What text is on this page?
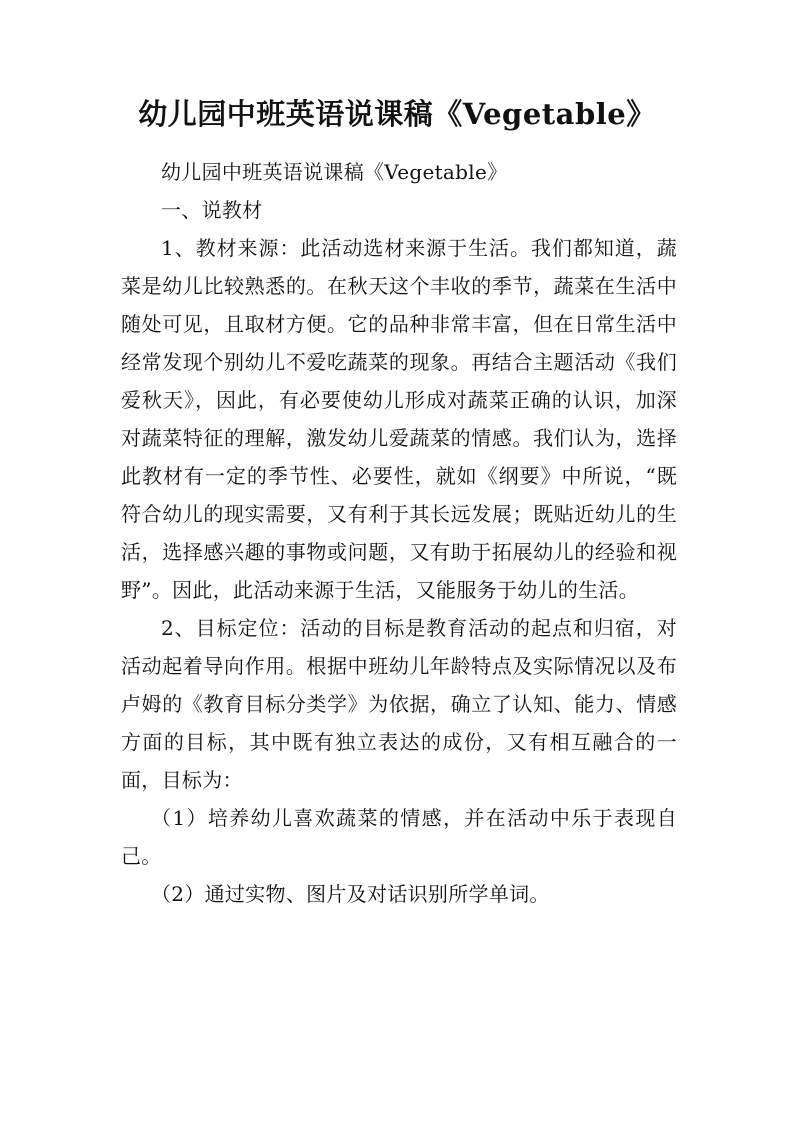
幼儿园中班英语说课稿《Vegetable》

幼儿园中班英语说课稿《Vegetable》

一、说教材

1、教材来源：此活动选材来源于生活。我们都知道，蔬菜是幼儿比较熟悉的。在秋天这个丰收的季节，蔬菜在生活中随处可见，且取材方便。它的品种非常丰富，但在日常生活中经常发现个别幼儿不爱吃蔬菜的现象。再结合主题活动《我们爱秋天》，因此，有必要使幼儿形成对蔬菜正确的认识，加深对蔬菜特征的理解，激发幼儿爱蔬菜的情感。我们认为，选择此教材有一定的季节性、必要性，就如《纲要》中所说，“既符合幼儿的现实需要，又有利于其长远发展；既贴近幼儿的生活，选择感兴趣的事物或问题，又有助于拓展幼儿的经验和视野”。因此，此活动来源于生活，又能服务于幼儿的生活。

2、目标定位：活动的目标是教育活动的起点和归宿，对活动起着导向作用。根据中班幼儿年龄特点及实际情况以及布卢姆的《教育目标分类学》为依据，确立了认知、能力、情感方面的目标，其中既有独立表达的成份，又有相互融合的一面，目标为：

（1）培养幼儿喜欢蔬菜的情感，并在活动中乐于表现自己。

（2）通过实物、图片及对话识别所学单词。
